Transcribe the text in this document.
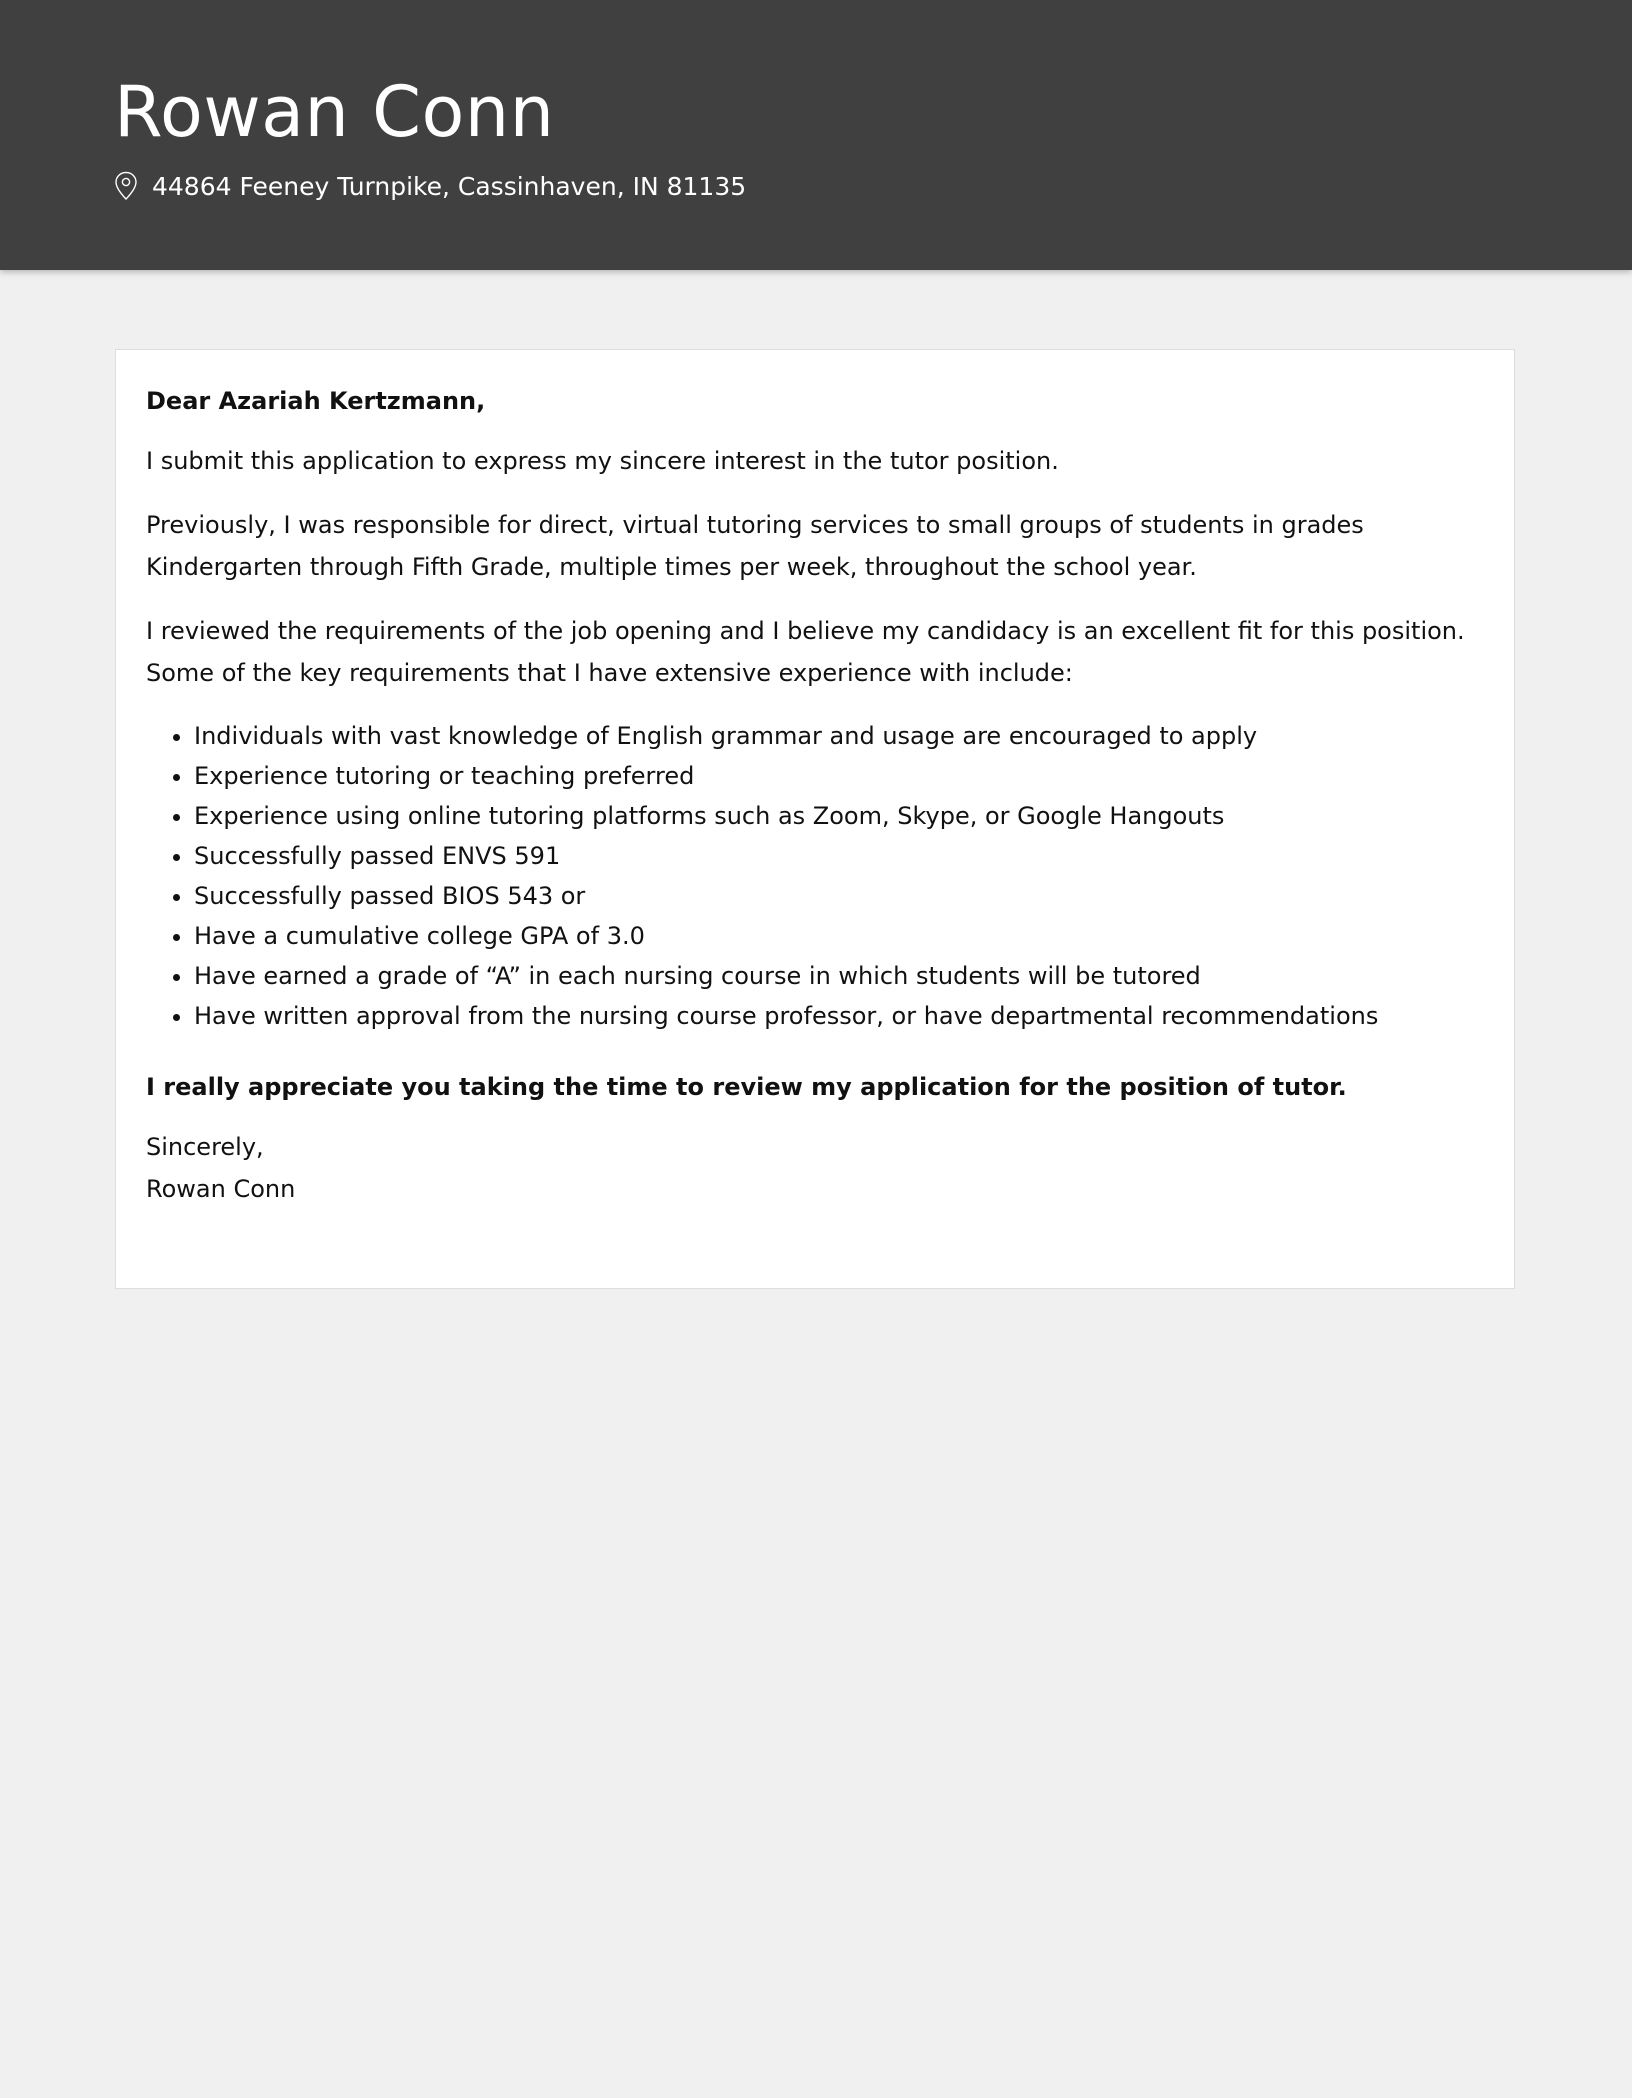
Rowan Conn
44864 Feeney Turnpike, Cassinhaven, IN 81135

Dear Azariah Kertzmann,

I submit this application to express my sincere interest in the tutor position.

Previously, I was responsible for direct, virtual tutoring services to small groups of students in grades Kindergarten through Fifth Grade, multiple times per week, throughout the school year.

I reviewed the requirements of the job opening and I believe my candidacy is an excellent fit for this position. Some of the key requirements that I have extensive experience with include:

• Individuals with vast knowledge of English grammar and usage are encouraged to apply
• Experience tutoring or teaching preferred
• Experience using online tutoring platforms such as Zoom, Skype, or Google Hangouts
• Successfully passed ENVS 591
• Successfully passed BIOS 543 or
• Have a cumulative college GPA of 3.0
• Have earned a grade of “A” in each nursing course in which students will be tutored
• Have written approval from the nursing course professor, or have departmental recommendations

I really appreciate you taking the time to review my application for the position of tutor.

Sincerely,

Rowan Conn
